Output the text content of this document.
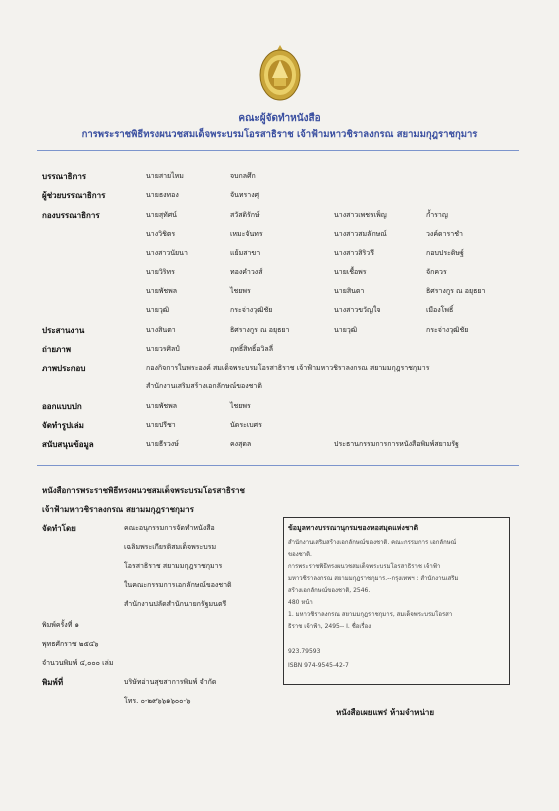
คณะผู้จัดทำหนังสือ
การพระราชพิธีทรงผนวชสมเด็จพระบรมโอรสาธิราช เจ้าฟ้ามหาวชิราลงกรณ สยามมกุฎราชกุมาร
บรรณาธิการ	นายสายไหม	จบกลศึก
ผู้ช่วยบรรณาธิการ	นายธงทอง	จันทรางศุ
กองบรรณาธิการ	นายสุทัศน์	สวัสดิรักษ์	นางสาวเพชรเพ็ญ	ก้ำราญ
นางวิชิตร	เหมะจันทร	นางสาวสมลักษณ์	วงค์ดาราชำ
นางสาวนัยนา	แย้มสาขา	นางสาวสิริวรี	กอบประดิษฐ์
นายวิริทร	ทองคำวงส์	นายเชื้อพร	จักควร
นายพัชพล	ไชยพร	นายสินตา	ธิศรางกูร ณ อยุธยา
นายวุฒิ	กระจ่างวุฒิชัย	นางสาวขวัญใจ	เมืองโพธิ์
ประสานงาน	นางสินตา	ธิศรางกูร ณ อยุธยา	นายวุฒิ	กระจ่างวุฒิชัย
ถ่ายภาพ	นายวรศิลป์	ฤทธิ์สิทธิ์อวิลลี่
ภาพประกอบ	กองกิจการในพระองค์ สมเด็จพระบรมโอรสาธิราช เจ้าฟ้ามหาวชิราลงกรณ สยามมกุฎราชกุมาร
สำนักงานเสริมสร้างเอกลักษณ์ของชาติ
ออกแบบปก	นายพัชพล	ไชยพร
จัดทำรูปเล่ม	นายปรีชา	นัดระเบศร
สนับสนุนข้อมูล	นายธีรวงษ์	คงสุดล	ประธานกรรมการการหนังสือพิมพ์สยามรัฐ
หนังสือการพระราชพิธีทรงผนวชสมเด็จพระบรมโอรสาธิราช
เจ้าฟ้ามหาวชิราลงกรณ สยามมกุฎราชกุมาร
จัดทำโดย	คณะอนุกรรมการจัดทำหนังสือ
เฉลิมพระเกียรติสมเด็จพระบรม
โอรสาธิราช สยามมกุฎราชกุมาร
ในคณะกรรมการเอกลักษณ์ของชาติ
สำนักงานปลัดสำนักนายกรัฐมนตรี
พิมพ์ครั้งที่ ๑
พุทธศักราช ๒๕๔๖
จำนวนพิมพ์ ๔,๐๐๐ เล่ม
พิมพ์ที่	บริษัทอ่านสุขสาการพิมพ์ จำกัด
โทร. ๐-๒๙๖๖๑๖๐๐-๖
ข้อมูลทางบรรณานุกรมของหอสมุดแห่งชาติ
สำนักงานเสริมสร้างเอกลักษณ์ของชาติ. คณะกรรมการ เอกลักษณ์
ของชาติ.
การพระราชพิธีทรงผนวชสมเด็จพระบรมโอรสาธิราช เจ้าฟ้า
มหาวชิราลงกรณ สยามมกุฎราชกุมาร.--กรุงเทพฯ : สำนักงานเสริม
สร้างเอกลักษณ์ของชาติ, 2546.
480 หน้า
1. มหาวชิราลงกรณ สยามมกุฎราชกุมาร, สมเด็จพระบรมโอรสา
ธิราช เจ้าฟ้า, 2495-- I. ชื่อเรื่อง
923.79593
ISBN 974-9545-42-7
หนังสือเผยแพร่ ห้ามจำหน่าย
